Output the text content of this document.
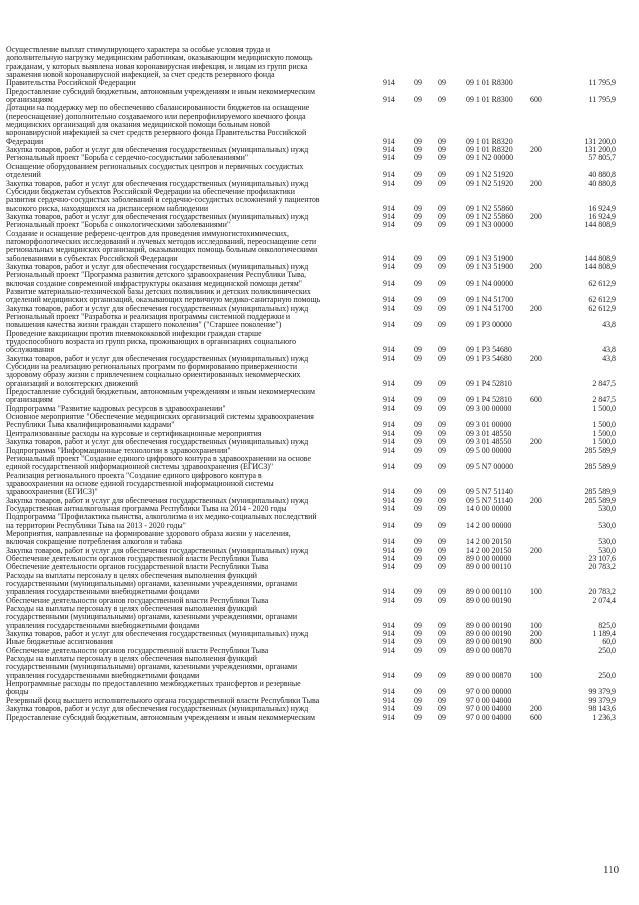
Осуществление выплат стимулирующего характера за особые условия труда и
дополнительную нагрузку медицинским работникам, оказывающим медицинскую помощь
гражданам, у которых выявлена новая коронавирусная инфекция, и лицам из групп риска
заражения новой коронавирусной инфекцией, за счет средств резервного фонда
Правительства Российской Федерации	914	09	09	09 1 01 R8300	11 795,9
Предоставление субсидий бюджетным, автономным учреждениям и иным некоммерческим
организациям	914	09	09	09 1 01 R8300	600	11 795,9
Дотации на поддержку мер по обеспечению сбалансированности бюджетов на оснащение
(переоснащение) дополнительно создаваемого или перепрофилируемого коечного фонда
медицинских организаций для оказания медицинской помощи больным новой
коронавирусной инфекцией за счет средств резервного фонда Правительства Российской
Федерации	914	09	09	09 1 01 R8320	131 200,0
Закупка товаров, работ и услуг для обеспечения государственных (муниципальных) нужд	914	09	09	09 1 01 R8320	200	131 200,0
Региональный проект "Борьба с сердечно-сосудистыми заболеваниями"	914	09	09	09 1 N2 00000	57 805,7
Оснащение оборудованием региональных сосудистых центров и первичных сосудистых
отделений	914	09	09	09 1 N2 51920	40 880,8
Закупка товаров, работ и услуг для обеспечения государственных (муниципальных) нужд	914	09	09	09 1 N2 51920	200	40 880,8
Субсидии бюджетам субъектов Российской Федерации на обеспечение профилактики
развития сердечно-сосудистых заболеваний и сердечно-сосудистых осложнений у пациентов
высокого риска, находящихся на диспансерном наблюдении	914	09	09	09 1 N2 55860	16 924,9
Закупка товаров, работ и услуг для обеспечения государственных (муниципальных) нужд	914	09	09	09 1 N2 55860	200	16 924,9
Региональный проект "Борьба с онкологическими заболеваниями"	914	09	09	09 1 N3 00000	144 808,9
Создание и оснащение референс-центров для проведения иммуногистохимических,
патоморфологических исследований и лучевых методов исследований, переоснащение сети
региональных медицинских организаций, оказывающих помощь больным онкологическими
заболеваниями в субъектах Российской Федерации	914	09	09	09 1 N3 51900	144 808,9
Закупка товаров, работ и услуг для обеспечения государственных (муниципальных) нужд	914	09	09	09 1 N3 51900	200	144 808,9
Региональный проект "Программа развития детского здравоохранения Республики Тыва,
включая создание современной инфраструктуры оказания медицинской помощи детям"	914	09	09	09 1 N4 00000	62 612,9
Развитие материально-технической базы детских поликлиник и детских поликлинических
отделений медицинских организаций, оказывающих первичную медико-санитарную помощь	914	09	09	09 1 N4 51700	62 612,9
Закупка товаров, работ и услуг для обеспечения государственных (муниципальных) нужд	914	09	09	09 1 N4 51700	200	62 612,9
Региональный проект "Разработка и реализация программы системной поддержки и
повышения качества жизни граждан старшего поколения" ("Старшее поколение")	914	09	09	09 1 P3 00000	43,8
Проведение вакцинации против пневмококковой инфекции граждан старше
трудоспособного возраста из групп риска, проживающих в организациях социального
обслуживания	914	09	09	09 1 P3 54680	43,8
Закупка товаров, работ и услуг для обеспечения государственных (муниципальных) нужд	914	09	09	09 1 P3 54680	200	43,8
Субсидии на реализацию региональных программ по формированию приверженности
здоровому образу жизни с привлечением социально ориентированных некоммерческих
организаций и волонтерских движений	914	09	09	09 1 P4 52810	2 847,5
Предоставление субсидий бюджетным, автономным учреждениям и иным некоммерческим
организациям	914	09	09	09 1 P4 52810	600	2 847,5
Подпрограмма "Развитие кадровых ресурсов в здравоохранении"	914	09	09	09 3 00 00000	1 500,0
Основное мероприятие "Обеспечение медицинских организаций системы здравоохранения
Республики Тыва квалифицированными кадрами"	914	09	09	09 3 01 00000	1 500,0
Централизованные расходы на курсовые и сертификационные мероприятия	914	09	09	09 3 01 48550	1 500,0
Закупка товаров, работ и услуг для обеспечения государственных (муниципальных) нужд	914	09	09	09 3 01 48550	200	1 500,0
Подпрограмма "Информационные технологии в здравоохранении"	914	09	09	09 5 00 00000	285 589,9
Региональный проект "Создание единого цифрового контура в здравоохранении на основе
единой государственной информационной системы здравоохранения (ЕГИСЗ)"	914	09	09	09 5 N7 00000	285 589,9
Реализация регионального проекта "Создание единого цифрового контура в
здравоохранении на основе единой государственной информационной системы
здравоохранения (ЕГИСЗ)"	914	09	09	09 5 N7 51140	285 589,9
Закупка товаров, работ и услуг для обеспечения государственных (муниципальных) нужд	914	09	09	09 5 N7 51140	200	285 589,9
Государственная антиалкогольная программа Республики Тыва на 2014 - 2020 годы	914	09	09	14 0 00 00000	530,0
Подпрограмма "Профилактика пьянства, алкоголизма и их медико-социальных последствий
на территории Республики Тыва на 2013 - 2020 годы"	914	09	09	14 2 00 00000	530,0
Мероприятия, направленные на формирование здорового образа жизни у населения,
включая сокращение потребления алкоголя и табака	914	09	09	14 2 00 20150	530,0
Закупка товаров, работ и услуг для обеспечения государственных (муниципальных) нужд	914	09	09	14 2 00 20150	200	530,0
Обеспечение деятельности органов государственной власти Республики Тыва	914	09	09	89 0 00 00000	23 107,6
Обеспечение деятельности органов государственной власти Республики Тыва	914	09	09	89 0 00 00110	20 783,2
Расходы на выплаты персоналу в целях обеспечения выполнения функций
государственными (муниципальными) органами, казенными учреждениями, органами
управления государственными внебюджетными фондами	914	09	09	89 0 00 00110	100	20 783,2
Обеспечение деятельности органов государственной власти Республики Тыва	914	09	09	89 0 00 00190	2 074,4
Расходы на выплаты персоналу в целях обеспечения выполнения функций
государственными (муниципальными) органами, казенными учреждениями, органами
управления государственными внебюджетными фондами	914	09	09	89 0 00 00190	100	825,0
Закупка товаров, работ и услуг для обеспечения государственных (муниципальных) нужд	914	09	09	89 0 00 00190	200	1 189,4
Иные бюджетные ассигнования	914	09	09	89 0 00 00190	800	60,0
Обеспечение деятельности органов государственной власти Республики Тыва	914	09	09	89 0 00 00870	250,0
Расходы на выплаты персоналу в целях обеспечения выполнения функций
государственными (муниципальными) органами, казенными учреждениями, органами
управления государственными внебюджетными фондами	914	09	09	89 0 00 00870	100	250,0
Непрограммные расходы по предоставлению межбюджетных трансфертов и резервные
фонды	914	09	09	97 0 00 00000	99 379,9
Резервный фонд высшего исполнительного органа государственной власти Республики Тыва	914	09	09	97 0 00 04000	99 379,9
Закупка товаров, работ и услуг для обеспечения государственных (муниципальных) нужд	914	09	09	97 0 00 04000	200	98 143,6
Предоставление субсидий бюджетным, автономным учреждениям и иным некоммерческим	914	09	09	97 0 00 04000	600	1 236,3
110
